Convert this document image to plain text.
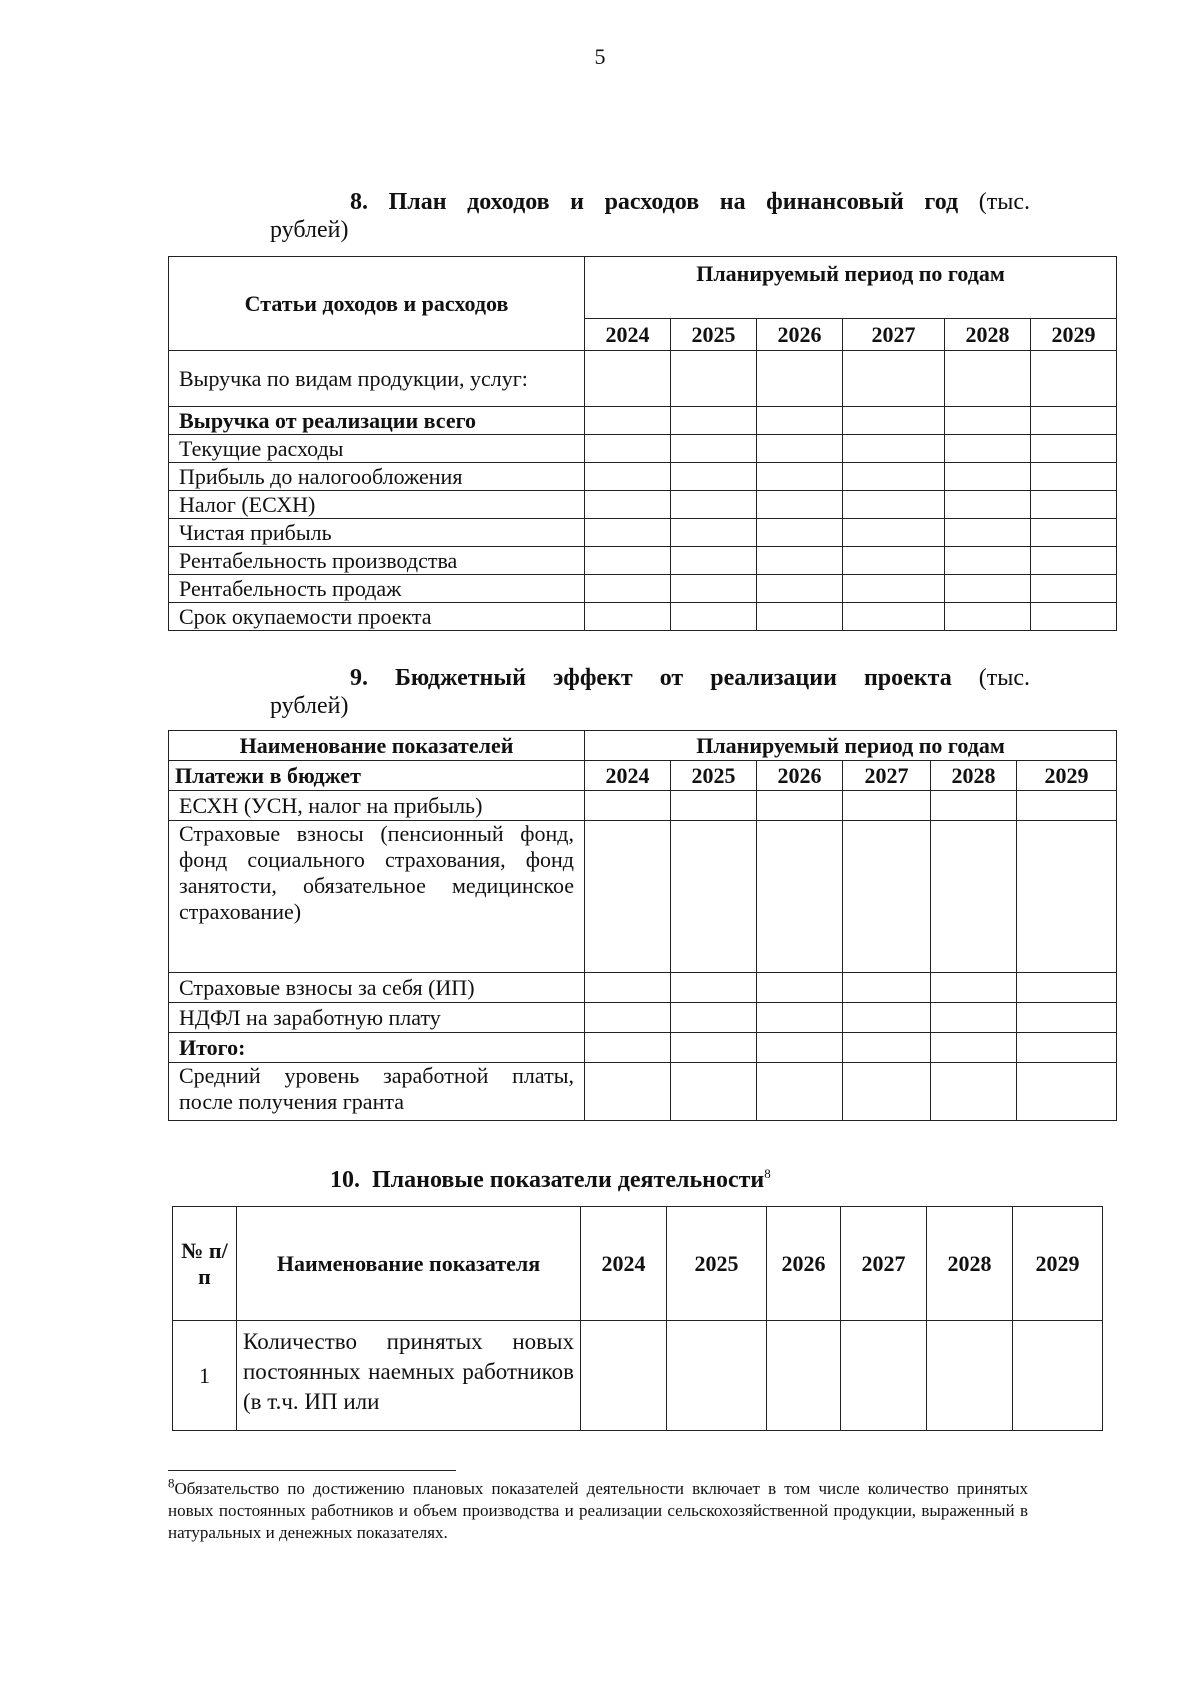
5
8. План доходов и расходов на финансовый год (тыс.
рублей)
Статьи доходов и расходов	Планируемый период по годам					
	2024	2025	2026	2027	2028	2029
Выручка по видам продукции, услуг:						
Выручка от реализации всего						
Текущие расходы						
Прибыль до налогообложения						
Налог (ЕСХН)						
Чистая прибыль						
Рентабельность производства						
Рентабельность продаж						
Срок окупаемости проекта						
9. Бюджетный эффект от реализации проекта (тыс.
рублей)
Наименование показателей	Планируемый период по годам					
Платежи в бюджет	2024	2025	2026	2027	2028	2029
ЕСХН (УСН, налог на прибыль)						
Страховые взносы (пенсионный фонд, фонд социального страхования, фонд занятости, обязательное медицинское страхование)						
Страховые взносы за себя (ИП)						
НДФЛ на заработную плату						
Итого:						
Средний уровень заработной платы, после получения гранта						
10. Плановые показатели деятельности$^8$
№ п/п	Наименование показателя	2024	2025	2026	2027	2028	2029
1	Количество принятых новых постоянных наемных работников (в т.ч. ИП или						
$^8$Обязательство по достижению плановых показателей деятельности включает в том числе количество принятых новых постоянных работников и объем производства и реализации сельскохозяйственной продукции, выраженный в натуральных и денежных показателях.
